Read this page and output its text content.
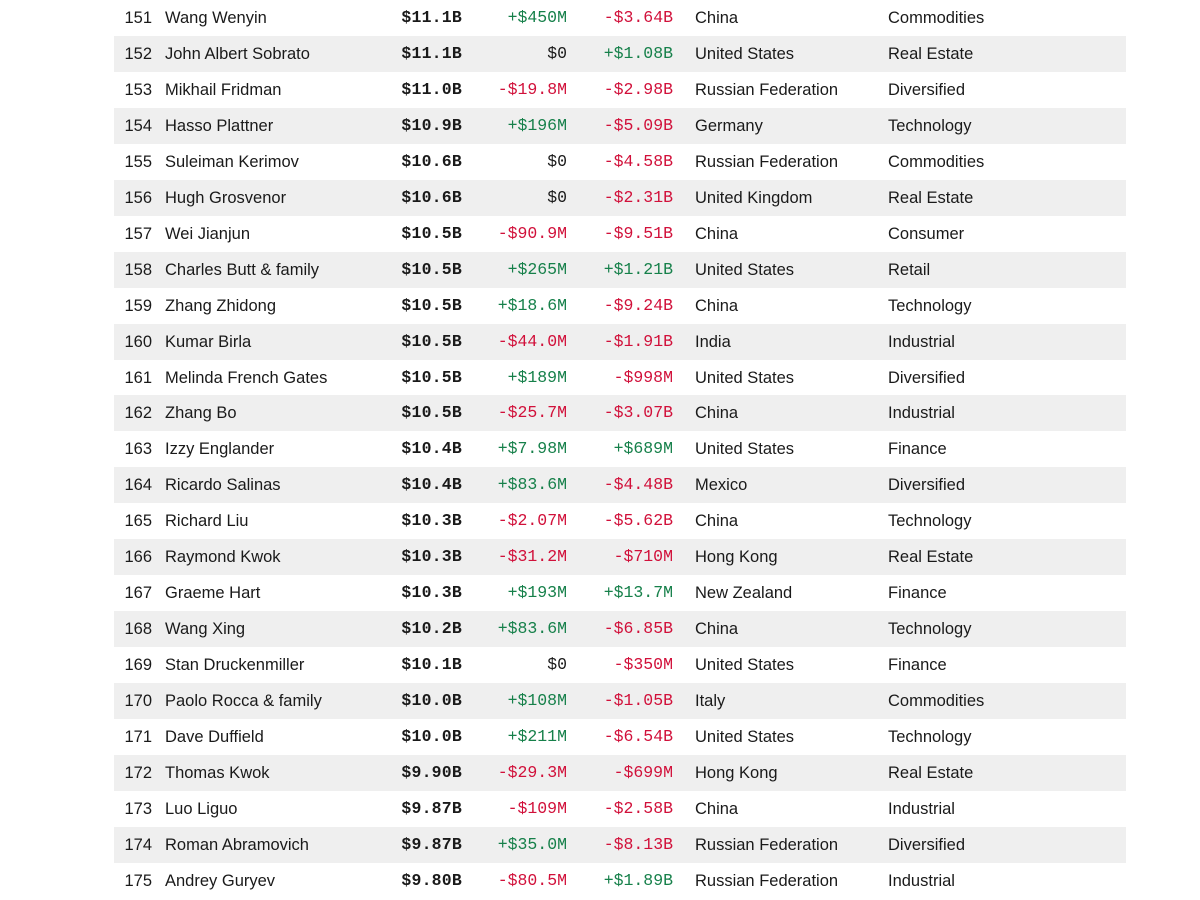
151 Wang Wenyin	$11.1B	+$450M -$3.64B China	Commodities
152 John Albert Sobrato	$11.1B	$0 +$1.08B United States	Real Estate
153 Mikhail Fridman	$11.0B -$19.8M -$2.98B Russian Federation	Diversified
154 Hasso Plattner	$10.9B	+$196M -$5.09B Germany	Technology
155 Suleiman Kerimov	$10.6B	$0 -$4.58B Russian Federation	Commodities
156 Hugh Grosvenor	$10.6B	$0 -$2.31B United Kingdom	Real Estate
157 Wei Jianjun	$10.5B -$90.9M -$9.51B China	Consumer
158 Charles Butt & family	$10.5B	+$265M +$1.21B United States	Retail
159 Zhang Zhidong	$10.5B +$18.6M -$9.24B China	Technology
160 Kumar Birla	$10.5B -$44.0M -$1.91B India	Industrial
161 Melinda French Gates	$10.5B	+$189M	-$998M United States	Diversified
162 Zhang Bo	$10.5B -$25.7M -$3.07B China	Industrial
163 Izzy Englander	$10.4B +$7.98M	+$689M United States	Finance
164 Ricardo Salinas	$10.4B +$83.6M -$4.48B Mexico	Diversified
165 Richard Liu	$10.3B -$2.07M -$5.62B China	Technology
166 Raymond Kwok	$10.3B -$31.2M	-$710M Hong Kong	Real Estate
167 Graeme Hart	$10.3B	+$193M +$13.7M New Zealand	Finance
168 Wang Xing	$10.2B +$83.6M -$6.85B China	Technology
169 Stan Druckenmiller	$10.1B	$0	-$350M United States	Finance
170 Paolo Rocca & family	$10.0B	+$108M -$1.05B Italy	Commodities
171 Dave Duffield	$10.0B	+$211M -$6.54B United States	Technology
172 Thomas Kwok	$9.90B -$29.3M	-$699M Hong Kong	Real Estate
173 Luo Liguo	$9.87B	-$109M -$2.58B China	Industrial
174 Roman Abramovich	$9.87B +$35.0M -$8.13B Russian Federation	Diversified
175 Andrey Guryev	$9.80B -$80.5M +$1.89B Russian Federation	Industrial
